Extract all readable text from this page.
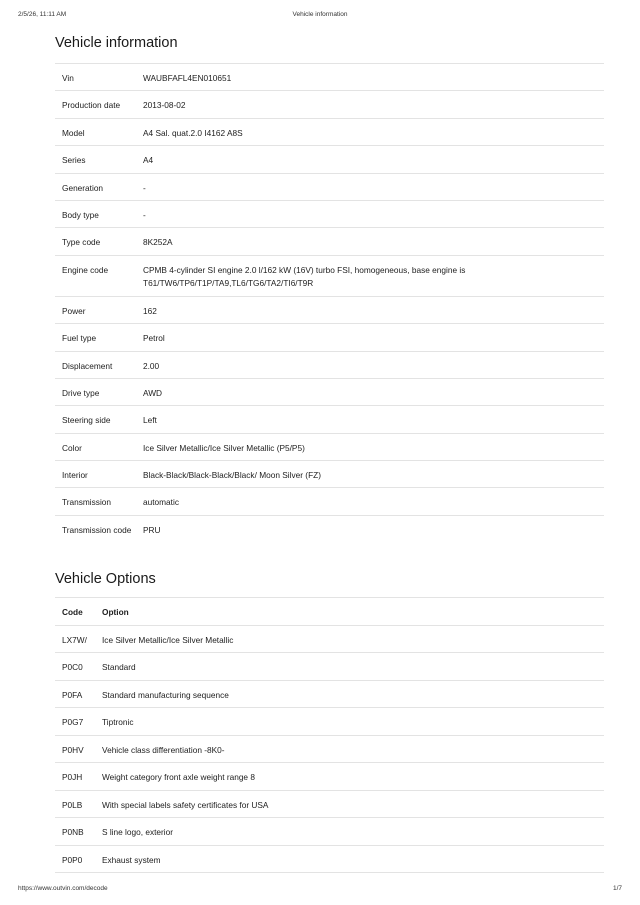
2/5/26, 11:11 AM	Vehicle information
Vehicle information
Vin	WAUBFAFL4EN010651
Production date	2013-08-02
Model	A4 Sal. quat.2.0 I4162 A8S
Series	A4
Generation	-
Body type	-
Type code	8K252A
Engine code	CPMB 4-cylinder SI engine 2.0 l/162 kW (16V) turbo FSI, homogeneous, base engine is T61/TW6/TP6/T1P/TA9,TL6/TG6/TA2/TI6/T9R
Power	162
Fuel type	Petrol
Displacement	2.00
Drive type	AWD
Steering side	Left
Color	Ice Silver Metallic/Ice Silver Metallic (P5/P5)
Interior	Black-Black/Black-Black/Black/ Moon Silver (FZ)
Transmission	automatic
Transmission code	PRU
Vehicle Options
Code	Option
LX7W/	Ice Silver Metallic/Ice Silver Metallic
P0C0	Standard
P0FA	Standard manufacturing sequence
P0G7	Tiptronic
P0HV	Vehicle class differentiation -8K0-
P0JH	Weight category front axle weight range 8
P0LB	With special labels safety certificates for USA
P0NB	S line logo, exterior
P0P0	Exhaust system
https://www.outvin.com/decode	1/7
